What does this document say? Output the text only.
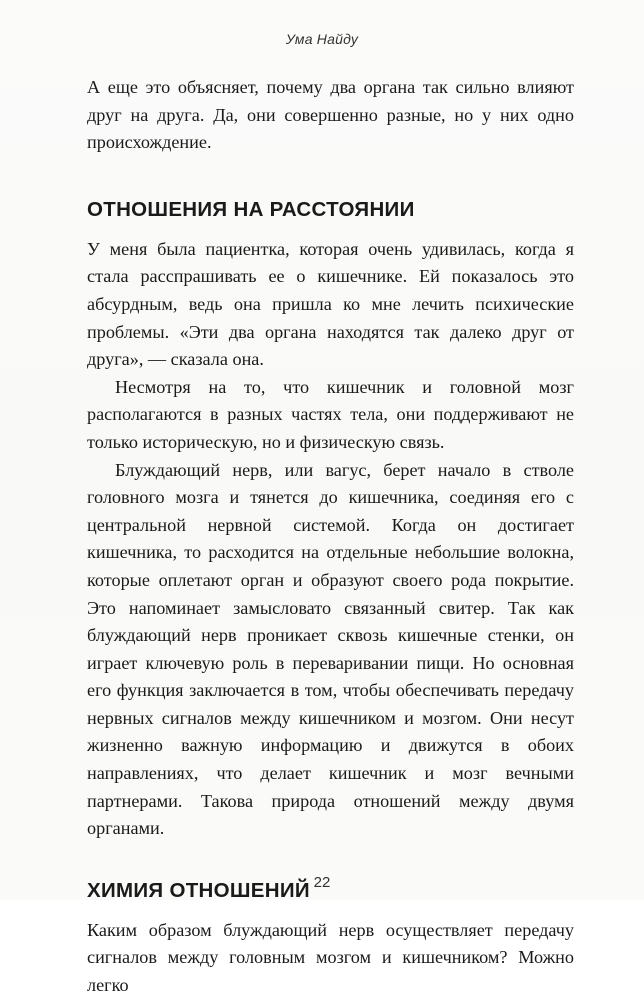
Ума Найду

А еще это объясняет, почему два органа так сильно влияют друг на друга. Да, они совершенно разные, но у них одно происхождение.

ОТНОШЕНИЯ НА РАССТОЯНИИ

У меня была пациентка, которая очень удивилась, когда я стала расспрашивать ее о кишечнике. Ей показалось это абсурдным, ведь она пришла ко мне лечить психические проблемы. «Эти два органа находятся так далеко друг от друга», — сказала она.

Несмотря на то, что кишечник и головной мозг располагаются в разных частях тела, они поддерживают не только историческую, но и физическую связь.

Блуждающий нерв, или вагус, берет начало в стволе головного мозга и тянется до кишечника, соединяя его с центральной нервной системой. Когда он достигает кишечника, то расходится на отдельные небольшие волокна, которые оплетают орган и образуют своего рода покрытие. Это напоминает замысловато связанный свитер. Так как блуждающий нерв проникает сквозь кишечные стенки, он играет ключевую роль в переваривании пищи. Но основная его функция заключается в том, чтобы обеспечивать передачу нервных сигналов между кишечником и мозгом. Они несут жизненно важную информацию и движутся в обоих направлениях, что делает кишечник и мозг вечными партнерами. Такова природа отношений между двумя органами.

ХИМИЯ ОТНОШЕНИЙ

Каким образом блуждающий нерв осуществляет передачу сигналов между головным мозгом и кишечником? Можно легко

22
